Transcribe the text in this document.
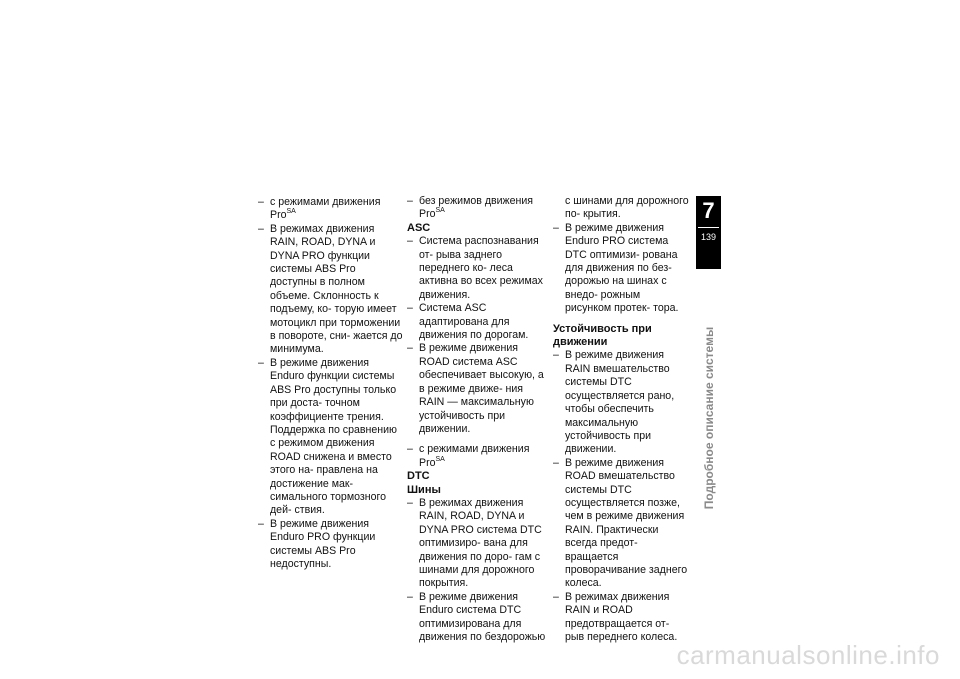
– с режимами движения Pro$^{SA}$

– В режимах движения RAIN, ROAD, DYNA и DYNA PRO функции системы ABS Pro доступны в полном объеме. Склонность к подъему, ко- торую имеет мотоцикл при торможении в повороте, сни- жается до минимума.

– В режиме движения Enduro функции системы ABS Pro доступны только при доста- точном коэффициенте трения. Поддержка по сравнению с режимом движения ROAD снижена и вместо этого на- правлена на достижение мак- симального тормозного дей- ствия.

– В режиме движения Enduro PRO функции системы ABS Pro недоступны.

– без режимов движения Pro$^{SA}$

ASC

– Система распознавания от- рыва заднего переднего ко- леса активна во всех режимах движения.

– Система ASC адаптирована для движения по дорогам.

– В режиме движения ROAD система ASC обеспечивает высокую, а в режиме движе- ния RAIN — максимальную устойчивость при движении.

– с режимами движения Pro$^{SA}$

DTC

Шины

– В режимах движения RAIN, ROAD, DYNA и DYNA PRO система DTC оптимизиро- вана для движения по доро- гам с шинами для дорожного покрытия.

– В режиме движения Enduro система DTC оптимизирована для движения по бездорожью

с шинами для дорожного по- крытия.

– В режиме движения Enduro PRO система DTC оптимизи- рована для движения по без- дорожью на шинах с внедо- рожным рисунком протек- тора.

Устойчивость при движении

– В режиме движения RAIN вмешательство системы DTC осуществляется рано, чтобы обеспечить максимальную устойчивость при движении.

– В режиме движения ROAD вмешательство системы DTC осуществляется позже, чем в режиме движения RAIN. Практически всегда предот- вращается проворачивание заднего колеса.

– В режимах движения RAIN и ROAD предотвращается от- рыв переднего колеса.

7
139
Подробное описание системы
carmanualsonline.info
